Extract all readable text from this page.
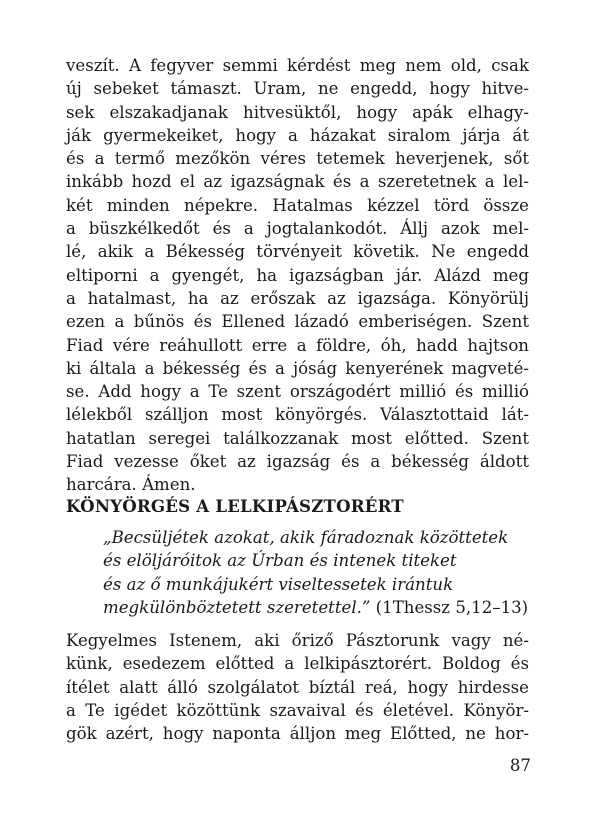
veszít. A fegyver semmi kérdést meg nem old, csak
új sebeket támaszt. Uram, ne engedd, hogy hitve-
sek elszakadjanak hitvesüktől, hogy apák elhagy-
ják gyermekeiket, hogy a házakat siralom járja át
és a termő mezőkön véres tetemek heverjenek, sőt
inkább hozd el az igazságnak és a szeretetnek a lel-
két minden népekre. Hatalmas kézzel törd össze
a büszkélkedőt és a jogtalankodót. Állj azok mel-
lé, akik a Békesség törvényeit követik. Ne engedd
eltiporni a gyengét, ha igazságban jár. Alázd meg
a hatalmast, ha az erőszak az igazsága. Könyörülj
ezen a bűnös és Ellened lázadó emberiségen. Szent
Fiad vére reáhullott erre a földre, óh, hadd hajtson
ki általa a békesség és a jóság kenyerének magveté-
se. Add hogy a Te szent országodért millió és millió
lélekből szálljon most könyörgés. Választottaid lát-
hatatlan seregei találkozzanak most előtted. Szent
Fiad vezesse őket az igazság és a békesség áldott
harcára. Ámen.
KÖNYÖRGÉS A LELKIPÁSZTORÉRT
„Becsüljétek azokat, akik fáradoznak közöttetek
és elöljáróitok az Úrban és intenek titeket
és az ő munkájukért viseltessetek irántuk
megkülönböztetett szeretettel.” (1Thessz 5,12–13)
Kegyelmes Istenem, aki őriző Pásztorunk vagy né-
künk, esedezem előtted a lelkipásztorért. Boldog és
ítélet alatt álló szolgálatot bíztál reá, hogy hirdesse
a Te igédet közöttünk szavaival és életével. Könyör-
gök azért, hogy naponta álljon meg Előtted, ne hor-
87
